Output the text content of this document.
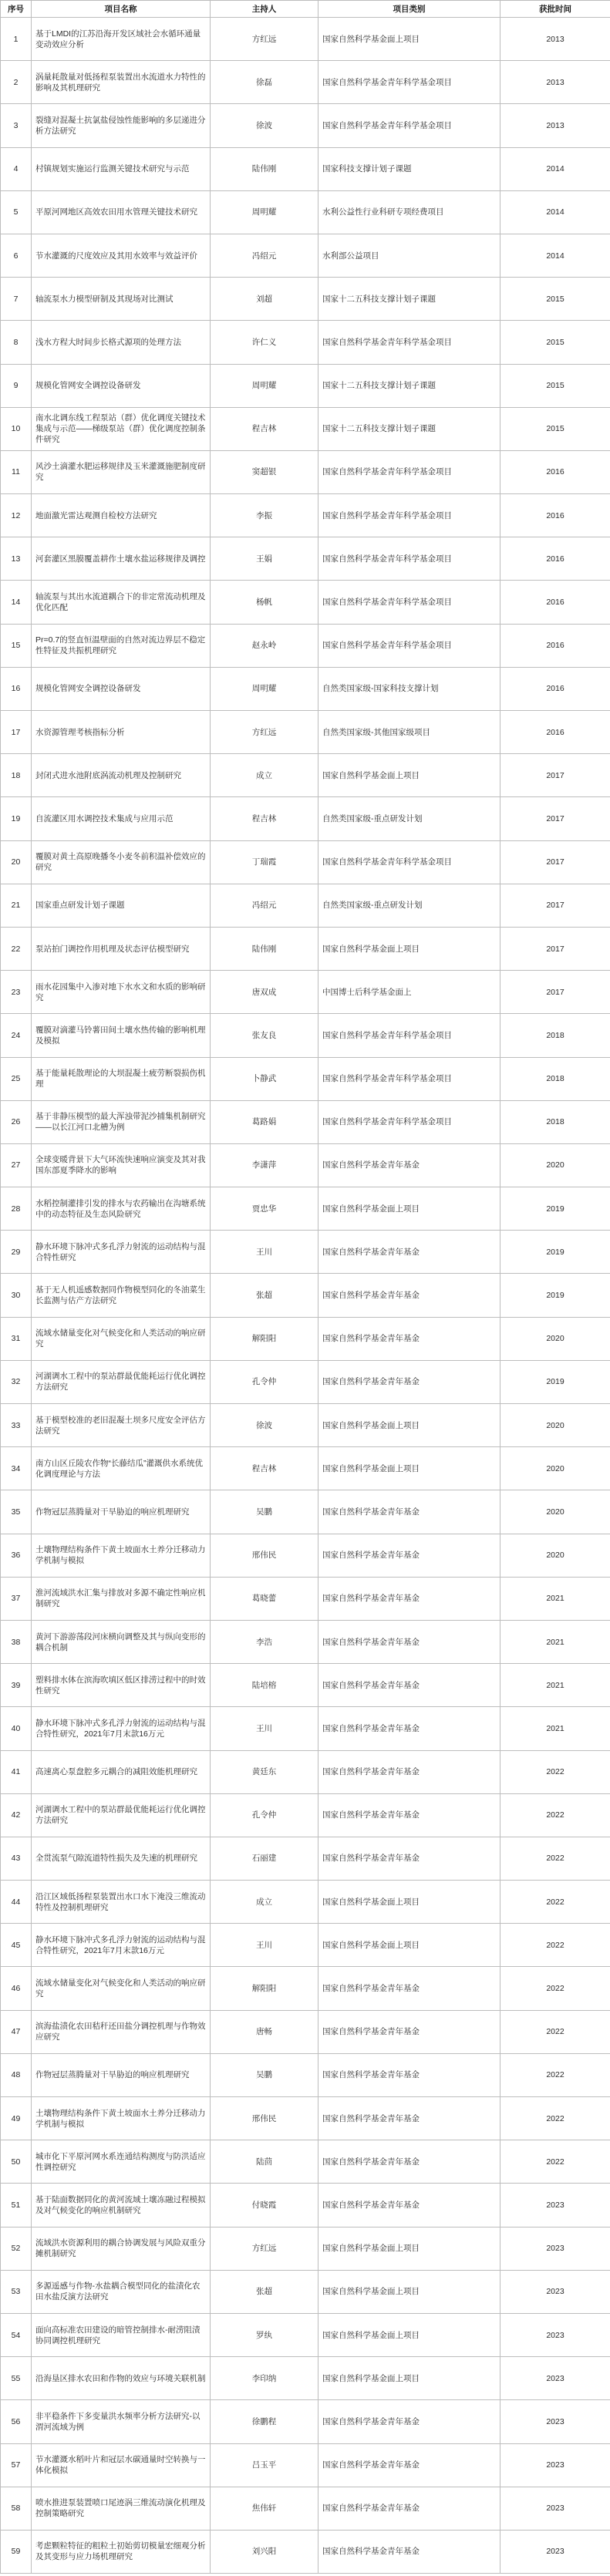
序号	项目名称	主持人	项目类别	获批时间
1	基于LMDI的江苏沿海开发区域社会水循环通量变动效应分析	方红远	国家自然科学基金面上项目	2013
2	涡量耗散量对低扬程泵装置出水流道水力特性的影响及其机理研究	徐磊	国家自然科学基金青年科学基金项目	2013
3	裂缝对混凝土抗氯盐侵蚀性能影响的多层递进分析方法研究	徐波	国家自然科学基金青年科学基金项目	2013
4	村镇规划实施运行监测关键技术研究与示范	陆伟刚	国家科技支撑计划子课题	2014
5	平原河网地区高效农田用水管理关键技术研究	周明耀	水利公益性行业科研专项经费项目	2014
6	节水灌溉的尺度效应及其用水效率与效益评价	冯绍元	水利部公益项目	2014
7	轴流泵水力模型研制及其现场对比测试	刘超	国家十二五科技支撑计划子课题	2015
8	浅水方程大时间步长格式源项的处理方法	许仁义	国家自然科学基金青年科学基金项目	2015
9	规模化管网安全调控设备研发	周明耀	国家十二五科技支撑计划子课题	2015
10	南水北调东线工程泵站（群）优化调度关键技术集成与示范——梯级泵站（群）优化调度控制条件研究	程吉林	国家十二五科技支撑计划子课题	2015
11	风沙土滴灌水肥运移规律及玉米灌溉施肥制度研究	窦超银	国家自然科学基金青年科学基金项目	2016
12	地面激光雷达观测自检校方法研究	李振	国家自然科学基金青年科学基金项目	2016
13	河套灌区黑膜覆盖耕作土壤水盐运移规律及调控	王娟	国家自然科学基金青年科学基金项目	2016
14	轴流泵与其出水流道耦合下的非定常流动机理及优化匹配	杨帆	国家自然科学基金青年科学基金项目	2016
15	Pr=0.7的竖直恒温壁面的自然对流边界层不稳定性特征及共振机理研究	赵永岭	国家自然科学基金青年科学基金项目	2016
16	规模化管网安全调控设备研发	周明耀	自然类国家级-国家科技支撑计划	2016
17	水资源管理考核指标分析	方红远	自然类国家级-其他国家级项目	2016
18	封闭式进水池附底涡流动机理及控制研究	成立	国家自然科学基金面上项目	2017
19	自流灌区用水调控技术集成与应用示范	程吉林	自然类国家级-重点研发计划	2017
20	覆膜对黄土高原晚播冬小麦冬前积温补偿效应的研究	丁瑞霞	国家自然科学基金青年科学基金项目	2017
21	国家重点研发计划子课题	冯绍元	自然类国家级-重点研发计划	2017
22	泵站拍门调控作用机理及状态评估模型研究	陆伟刚	国家自然科学基金面上项目	2017
23	雨水花园集中入渗对地下水水文和水质的影响研究	唐双成	中国博士后科学基金面上	2017
24	覆膜对滴灌马铃薯田间土壤水热传输的影响机理及模拟	张友良	国家自然科学基金青年科学基金项目	2018
25	基于能量耗散理论的大坝混凝土疲劳断裂损伤机理	卜静武	国家自然科学基金青年科学基金项目	2018
26	基于非静压模型的最大浑浊带泥沙捕集机制研究——以长江河口北槽为例	葛路娟	国家自然科学基金青年科学基金项目	2018
27	全球变暖背景下大气环流快速响应演变及其对我国东部夏季降水的影响	李潇萍	国家自然科学基金青年基金	2020
28	水稻控制灌排引发的排水与农药输出在沟塘系统中的动态特征及生态风险研究	贾忠华	国家自然科学基金面上项目	2019
29	静水环境下脉冲式多孔浮力射流的运动结构与混合特性研究	王川	国家自然科学基金青年基金	2019
30	基于无人机遥感数据同作物模型同化的冬油菜生长监测与估产方法研究	张超	国家自然科学基金青年基金	2019
31	流域水储量变化对气候变化和人类活动的响应研究	解阳阳	国家自然科学基金青年基金	2020
32	河湖调水工程中的泵站群最优能耗运行优化调控方法研究	孔令仲	国家自然科学基金青年基金	2019
33	基于模型校准的老旧混凝土坝多尺度安全评估方法研究	徐波	国家自然科学基金面上项目	2020
34	南方山区丘陵农作物“长藤结瓜”灌溉供水系统优化调度理论与方法	程吉林	国家自然科学基金面上项目	2020
35	作物冠层蒸腾量对干旱胁迫的响应机理研究	吴鹏	国家自然科学基金青年基金	2020
36	土壤物理结构条件下黄土坡面水土养分迁移动力学机制与模拟	邢伟民	国家自然科学基金青年基金	2020
37	淮河流域洪水汇集与排放对多源不确定性响应机制研究	葛晓蕾	国家自然科学基金青年基金	2021
38	黄河下游游荡段河床横向调整及其与纵向变形的耦合机制	李浩	国家自然科学基金青年基金	2021
39	塑料排水体在滨海吹填区低区排涝过程中的时效性研究	陆培榕	国家自然科学基金青年基金	2021
40	静水环境下脉冲式多孔浮力射流的运动结构与混合特性研究，2021年7月末款16万元	王川	国家自然科学基金青年基金	2021
41	高速离心泵盘腔多元耦合的减阻效能机理研究	黄廷东	国家自然科学基金青年基金	2022
42	河湖调水工程中的泵站群最优能耗运行优化调控方法研究	孔令仲	国家自然科学基金青年基金	2022
43	全贯流泵气隙流道特性损失及失速的机理研究	石丽建	国家自然科学基金青年基金	2022
44	沿江区域低扬程泵装置出水口水下淹没三维流动特性及控制机理研究	成立	国家自然科学基金面上项目	2022
45	静水环境下脉冲式多孔浮力射流的运动结构与混合特性研究，2021年7月末款16万元	王川	国家自然科学基金面上项目	2022
46	流域水储量变化对气候变化和人类活动的响应研究	解阳阳	国家自然科学基金青年基金	2022
47	滨海盐渍化农田秸秆还田盐分调控机理与作物效应研究	唐畅	国家自然科学基金青年基金	2022
48	作物冠层蒸腾量对干旱胁迫的响应机理研究	吴鹏	国家自然科学基金青年基金	2022
49	土壤物理结构条件下黄土坡面水土养分迁移动力学机制与模拟	邢伟民	国家自然科学基金青年基金	2022
50	城市化下平原河网水系连通结构测度与防洪适应性调控研究	陆茴	国家自然科学基金青年基金	2022
51	基于陆面数据同化的黄河流域土壤冻融过程模拟及对气候变化的响应机制研究	付晓霞	国家自然科学基金青年基金	2023
52	流域洪水资源利用的耦合协调发展与风险双重分摊机制研究	方红远	国家自然科学基金面上项目	2023
53	多源遥感与作物-水盐耦合模型同化的盐渍化农田水盐反演方法研究	张超	国家自然科学基金面上项目	2023
54	面向高标准农田建设的暗管控制排水-耐涝阻渍协同调控机理研究	罗纨	国家自然科学基金面上项目	2023
55	沿海垦区排水农田和作物的效应与环境关联机制	李印纳	国家自然科学基金面上项目	2023
56	非平稳条件下多变量洪水频率分析方法研究-以渭河流域为例	徐鹏程	国家自然科学基金青年基金	2023
57	节水灌溉水稻叶片和冠层水碳通量时空转换与一体化模拟	吕玉平	国家自然科学基金青年基金	2023
58	喷水推进泵装置喷口尾迹涡三维流动演化机理及控制策略研究	焦伟轩	国家自然科学基金青年基金	2023
59	考虑颗粒特征的粗粒土初始剪切模量宏细观分析及其变形与应力场机理研究	刘兴阳	国家自然科学基金青年基金	2023
